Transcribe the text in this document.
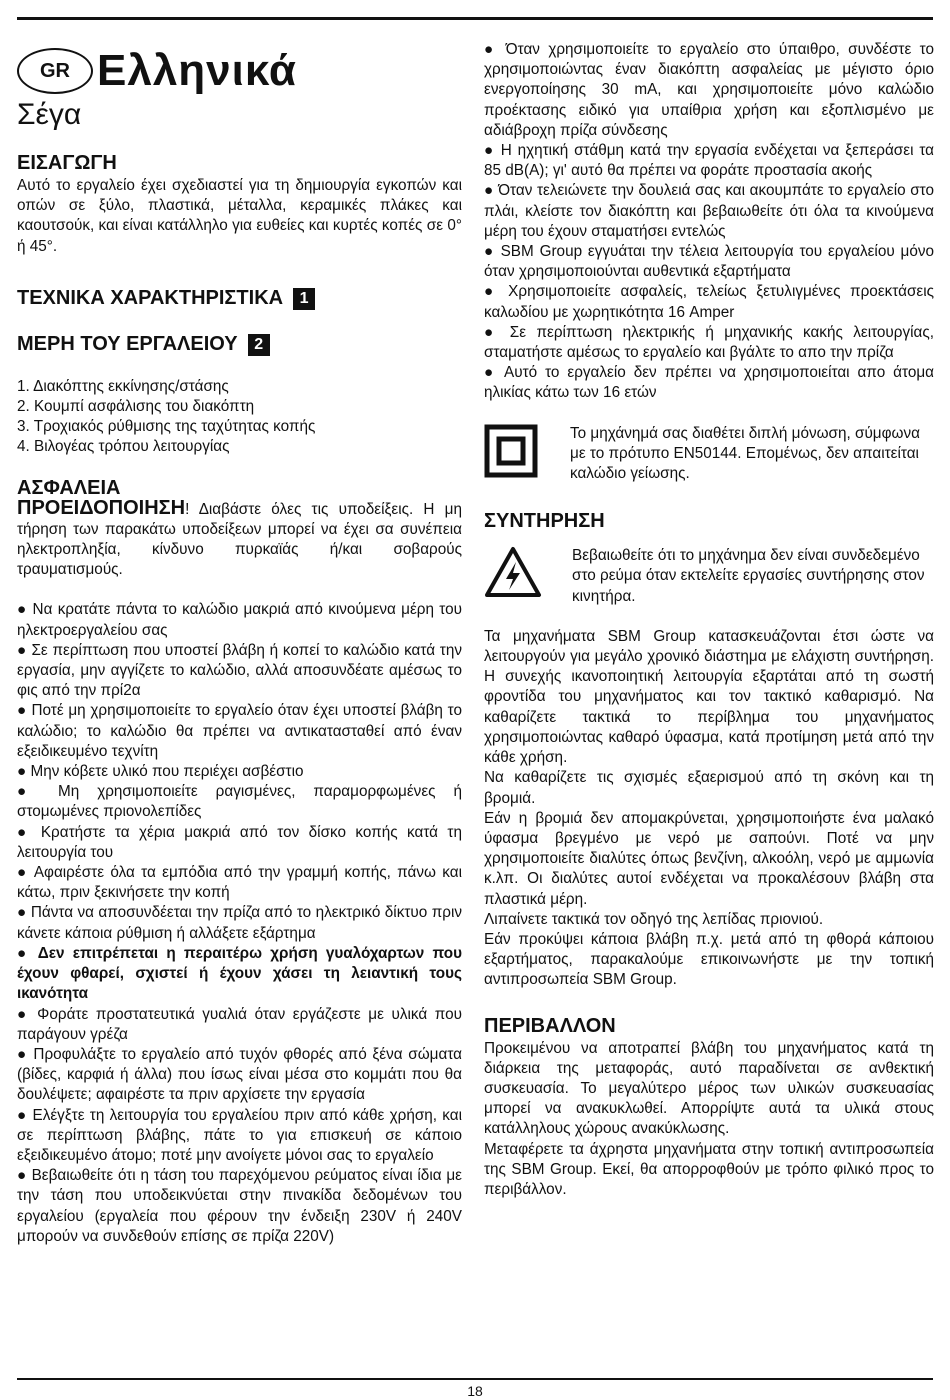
GR Ελληνικά
Σέγα
ΕΙΣΑΓΩΓΗ

Αυτό το εργαλείο έχει σχεδιαστεί για τη δημιουργία εγκοπών και οπών σε ξύλο, πλαστικά, μέταλλα, κεραμικές πλάκες και καουτσούκ, και είναι κατάλληλο για ευθείες και κυρτές κοπές σε 0° ή 45°.

ΤΕΧΝΙΚΑ ΧΑΡΑΚΤΗΡΙΣΤΙΚΑ	1
ΜΕΡΗ ΤΟΥ ΕΡΓΑΛΕΙΟΥ	2
1. Διακόπτης εκκίνησης/στάσης
2. Κουμπί ασφάλισης του διακόπτη
3. Τροχιακός ρύθμισης της ταχύτητας κοπής
4. Βιλογέας τρόπου λειτουργίας
ΑΣΦΑΛΕΙΑ

ΠΡΟΕΙΔΟΠΟΙΗΣΗ! Διαβάστε όλες τις υποδείξεις. Η μη τήρηση των παρακάτω υποδείξεων μπορεί να έχει σα συνέπεια ηλεκτροπληξία, κίνδυνο πυρκαϊάς ή/και σοβαρούς τραυματισμούς.

● Να κρατάτε πάντα το καλώδιο μακριά από κινούμενα μέρη του ηλεκτροεργαλείου σας

● Σε περίπτωση που υποστεί βλάβη ή κοπεί το καλώδιο κατά την εργασία, μην αγγίζετε το καλώδιο, αλλά αποσυνδέατε αμέσως το φις από την πρί2α

● Ποτέ μη χρησιμοποιείτε το εργαλείο όταν έχει υποστεί βλάβη το καλώδιο; το καλώδιο θα πρέπει να αντικατασταθεί από έναν εξειδικευμένο τεχνίτη

● Μην κόβετε υλικό που περιέχει ασβέστιο

● Μη χρησιμοποιείτε ραγισμένες, παραμορφωμένες ή στομωμένες πριονολεπίδες

● Κρατήστε τα χέρια μακριά από τον δίσκο κοπής κατά τη λειτουργία του

● Αφαιρέστε όλα τα εμπόδια από την γραμμή κοπής, πάνω και κάτω, πριν ξεκινήσετε την κοπή

● Πάντα να αποσυνδέεται την πρίζα από το ηλεκτρικό δίκτυο πριν κάνετε κάποια ρύθμιση ή αλλάξετε εξάρτημα

● Δεν επιτρέπεται η περαιτέρω χρήση γυαλόχαρτων που έχουν φθαρεί, σχιστεί ή έχουν χάσει τη λειαντική τους ικανότητα

● Φοράτε προστατευτικά γυαλιά όταν εργάζεστε με υλικά που παράγουν γρέζα

● Προφυλάξτε το εργαλείο από τυχόν φθορές από ξένα σώματα (βίδες, καρφιά ή άλλα) που ίσως είναι μέσα στο κομμάτι που θα δουλέψετε; αφαιρέστε τα πριν αρχίσετε την εργασία

● Ελέγξτε τη λειτουργία του εργαλείου πριν από κάθε χρήση, και σε περίπτωση βλάβης, πάτε το για επισκευή σε κάποιο εξειδικευμένο άτομο; ποτέ μην ανοίγετε μόνοι σας το εργαλείο

● Βεβαιωθείτε ότι η τάση του παρεχόμενου ρεύματος είναι ίδια με την τάση που υποδεικνύεται στην πινακίδα δεδομένων του εργαλείου (εργαλεία που φέρουν την ένδειξη 230V ή 240V μπορούν να συνδεθούν επίσης σε πρίζα 220V)

● Όταν χρησιμοποιείτε το εργαλείο στο ύπαιθρο, συνδέστε το χρησιμοποιώντας έναν διακόπτη ασφαλείας με μέγιστο όριο ενεργοποίησης 30 mA, και χρησιμοποιείτε μόνο καλώδιο προέκτασης ειδικό για υπαίθρια χρήση και εξοπλισμένο με αδιάβροχη πρίζα σύνδεσης

● Η ηχητική στάθμη κατά την εργασία ενδέχεται να ξεπεράσει τα 85 dB(A); γι' αυτό θα πρέπει να φοράτε προστασία ακοής

● Όταν τελειώνετε την δουλειά σας και ακουμπάτε το εργαλείο στο πλάι, κλείστε τον διακόπτη και βεβαιωθείτε ότι όλα τα κινούμενα μέρη του έχουν σταματήσει εντελώς

● SBM Group εγγυάται την τέλεια λειτουργία του εργαλείου μόνο όταν χρησιμοποιούνται αυθεντικά εξαρτήματα

● Χρησιμοποιείτε ασφαλείς, τελείως ξετυλιγμένες προεκτάσεις καλωδίου με χωρητικότητα 16 Amper

● Σε περίπτωση ηλεκτρικής ή μηχανικής κακής λειτουργίας, σταματήστε αμέσως το εργαλείο και βγάλτε το απο την πρίζα

● Αυτό το εργαλείο δεν πρέπει να χρησιμοποιείται απο άτομα ηλικίας κάτω των 16 ετών

Το μηχάνημά σας διαθέτει διπλή μόνωση, σύμφωνα με το πρότυπο EN50144. Επομένως, δεν απαιτείται καλώδιο γείωσης.

ΣΥΝΤΗΡΗΣΗ

Βεβαιωθείτε ότι το μηχάνημα δεν είναι συνδεδεμένο στο ρεύμα όταν εκτελείτε εργασίες συντήρησης στον κινητήρα.

Τα μηχανήματα SBM Group κατασκευάζονται έτσι ώστε να λειτουργούν για μεγάλο χρονικό διάστημα με ελάχιστη συντήρηση. Η συνεχής ικανοποιητική λειτουργία εξαρτάται από τη σωστή φροντίδα του μηχανήματος και τον τακτικό καθαρισμό. Να καθαρίζετε τακτικά το περίβλημα του μηχανήματος χρησιμοποιώντας καθαρό ύφασμα, κατά προτίμηση μετά από την κάθε χρήση.

Να καθαρίζετε τις σχισμές εξαερισμού από τη σκόνη και τη βρομιά.

Εάν η βρομιά δεν απομακρύνεται, χρησιμοποιήστε ένα μαλακό ύφασμα βρεγμένο με νερό με σαπούνι. Ποτέ να μην χρησιμοποιείτε διαλύτες όπως βενζίνη, αλκοόλη, νερό με αμμωνία κ.λπ. Οι διαλύτες αυτοί ενδέχεται να προκαλέσουν βλάβη στα πλαστικά μέρη.

Λιπαίνετε τακτικά τον οδηγό της λεπίδας πριονιού.

Εάν προκύψει κάποια βλάβη π.χ. μετά από τη φθορά κάποιου εξαρτήματος, παρακαλούμε επικοινωνήστε με την τοπική αντιπροσωπεία SBM Group.

ΠΕΡΙΒΑΛΛΟΝ

Προκειμένου να αποτραπεί βλάβη του μηχανήματος κατά τη διάρκεια της μεταφοράς, αυτό παραδίνεται σε ανθεκτική συσκευασία. Το μεγαλύτερο μέρος των υλικών συσκευασίας μπορεί να ανακυκλωθεί. Απορρίψτε αυτά τα υλικά στους κατάλληλους χώρους ανακύκλωσης.

Μεταφέρετε τα άχρηστα μηχανήματα στην τοπική αντιπροσωπεία της SBM Group. Εκεί, θα απορροφθούν με τρόπο φιλικό προς το περιβάλλον.

18
